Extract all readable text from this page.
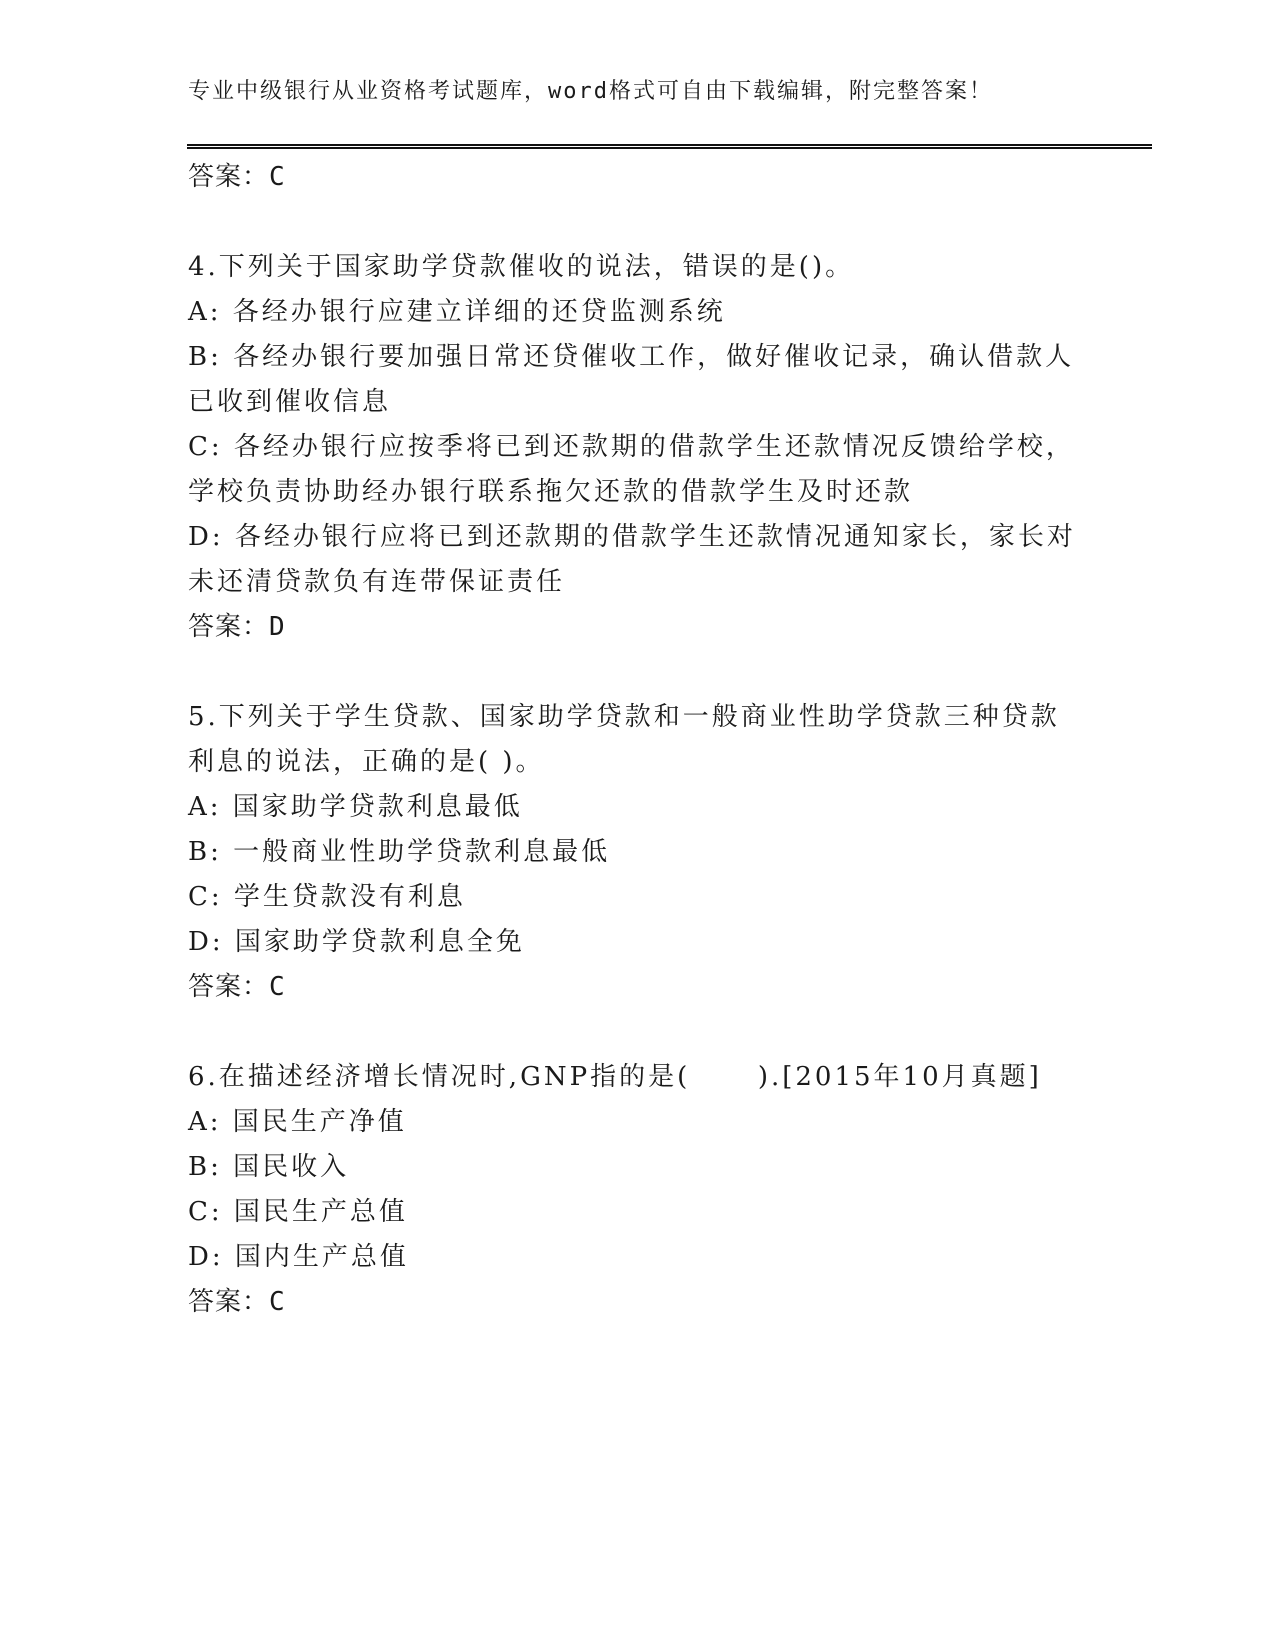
专业中级银行从业资格考试题库，word格式可自由下载编辑，附完整答案！
答案：C
4.下列关于国家助学贷款催收的说法，错误的是()。
A: 各经办银行应建立详细的还贷监测系统
B: 各经办银行要加强日常还贷催收工作，做好催收记录，确认借款人
已收到催收信息
C: 各经办银行应按季将已到还款期的借款学生还款情况反馈给学校，
学校负责协助经办银行联系拖欠还款的借款学生及时还款
D: 各经办银行应将已到还款期的借款学生还款情况通知家长，家长对
未还清贷款负有连带保证责任
答案：D
5.下列关于学生贷款、国家助学贷款和一般商业性助学贷款三种贷款
利息的说法，正确的是( )。
A: 国家助学贷款利息最低
B: 一般商业性助学贷款利息最低
C: 学生贷款没有利息
D: 国家助学贷款利息全免
答案：C
6.在描述经济增长情况时,GNP指的是(      ).[2015年10月真题]
A: 国民生产净值
B: 国民收入
C: 国民生产总值
D: 国内生产总值
答案：C
